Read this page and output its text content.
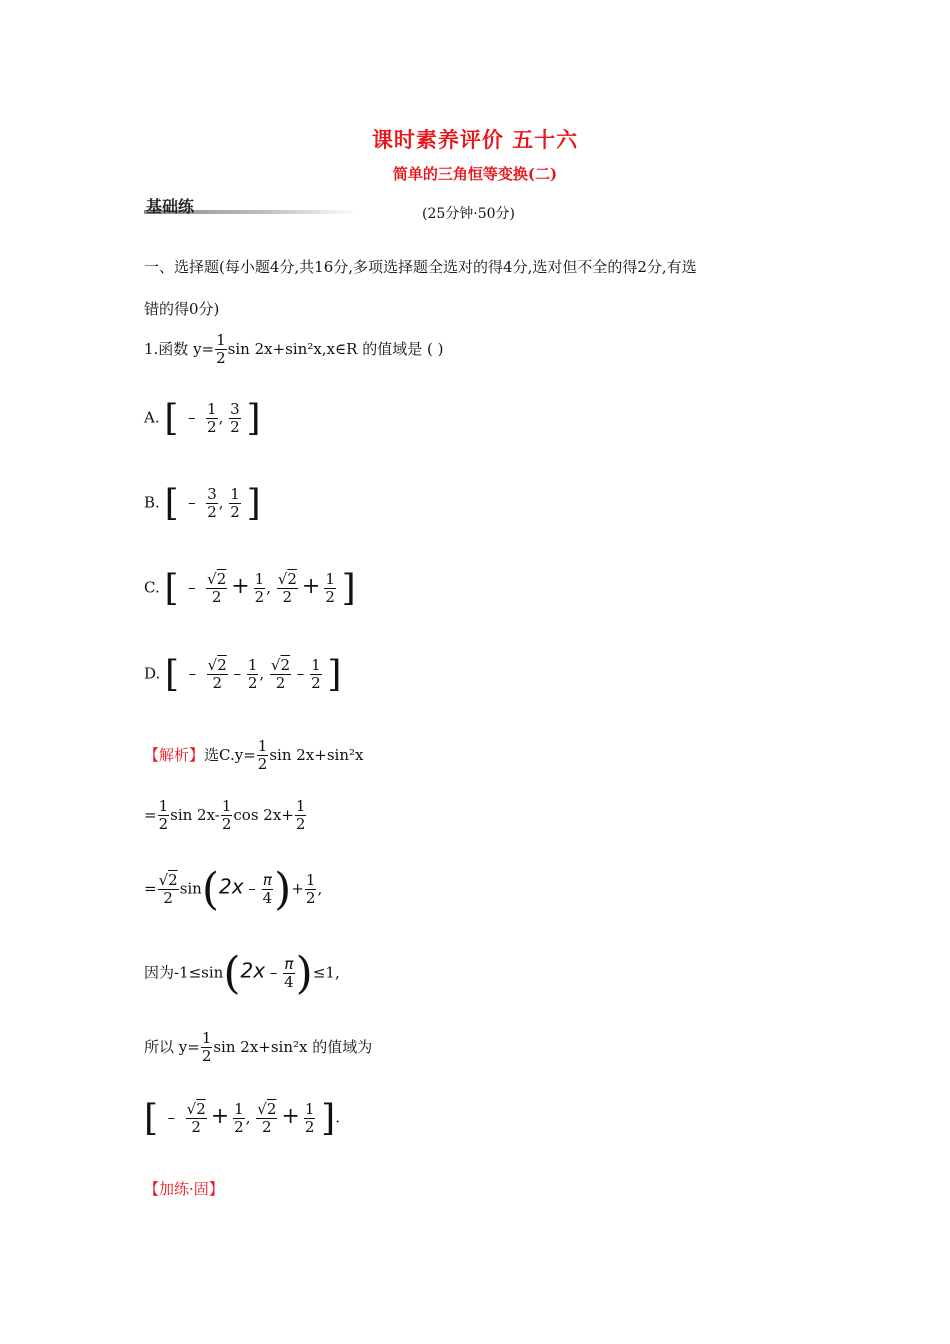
课时素养评价 五十六
简单的三角恒等变换(二)
基础练	(25分钟·50分)
一、选择题(每小题4分,共16分,多项选择题全选对的得4分,选对但不全的得2分,有选
错的得0分)
1.函数 $y= \frac{1}{2}$ sin 2x+sin²x,x∈R 的值域是 ( )
A. [  – $\frac{1}{2}$ , $\frac{3}{2}$ ]
B. [  – $\frac{3}{2}$ , $\frac{1}{2}$ ]
C. [  – $\frac{√2}{2} + \frac{1}{2}$ , $\frac{√2}{2} + \frac{1}{2}$ ]
D. [  – $\frac{√2}{2} - \frac{1}{2}$ , $\frac{√2}{2} - \frac{1}{2}$ ]
【解析】选$C.y= \frac{1}{2}$ sin 2x+sin²x
= $\frac{1}{2}$ $\sin 2x- \frac{1}{2}$ $\cos 2x+ \frac{1}{2}$
= $\frac{√2}{2} \sin(2x - \frac{\pi}{4}$ )+ $\frac{1}{2}$ ,
因为$-1\le\sin(2x - \frac{\pi}{4} )\le 1$,
所以 $y= \frac{1}{2}$ sin 2x+sin²x 的值域为
[  – $\frac{√2}{2} + \frac{1}{2}$ , $\frac{√2}{2} + \frac{1}{2}$ ].
【加练·固】
